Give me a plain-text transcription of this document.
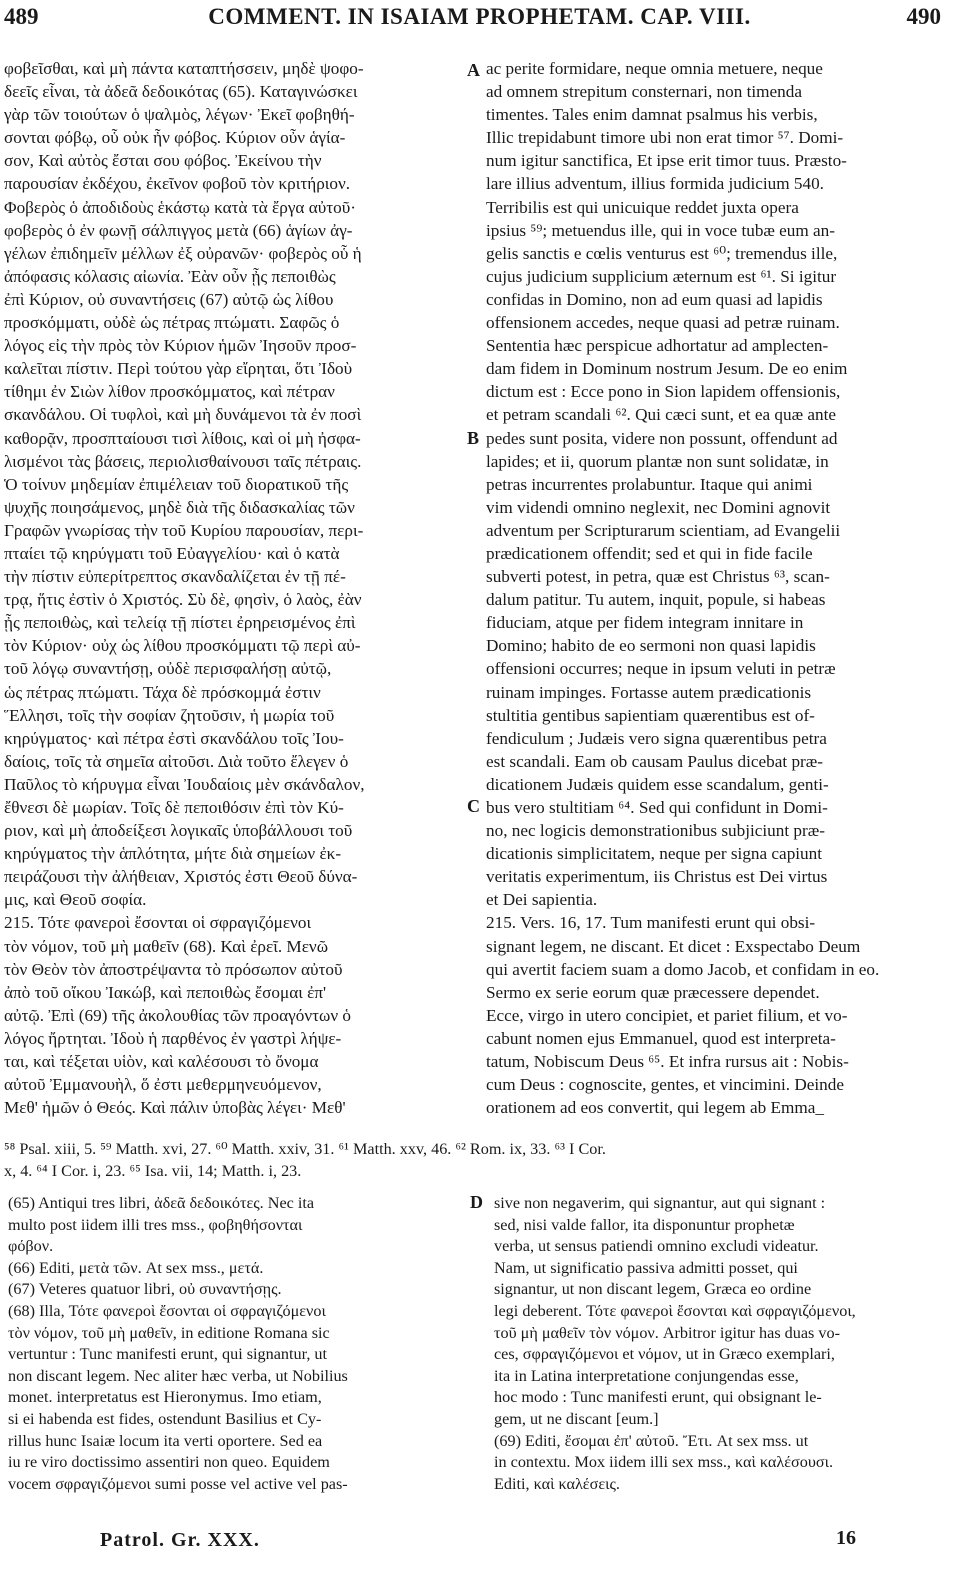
489	COMMENT. IN ISAIAM PROPHETAM. CAP. VIII.	490
φοβεῖσθαι, καὶ μὴ πάντα καταπτήσσειν, μηδὲ ψοφο-
δεεῖς εἶναι, τὰ ἀδεᾶ δεδοικότας (65). Καταγινώσκει
γὰρ τῶν τοιούτων ὁ ψαλμὸς, λέγων· Ἐκεῖ φοβηθή-
σονται φόβῳ, οὗ οὐκ ἦν φόβος. Κύριον οὖν ἁγία-
σον, Καὶ αὐτὸς ἔσται σου φόβος. Ἐκείνου τὴν
παρουσίαν ἐκδέχου, ἐκεῖνον φοβοῦ τὸν κριτήριον.
Φοβερὸς ὁ ἀποδιδοὺς ἑκάστῳ κατὰ τὰ ἔργα αὐτοῦ·
φοβερὸς ὁ ἐν φωνῇ σάλπιγγος μετὰ (66) ἁγίων ἀγ-
γέλων ἐπιδημεῖν μέλλων ἐξ οὐρανῶν· φοβερὸς οὗ ἡ
ἀπόφασις κόλασις αἰωνία. Ἐὰν οὖν ᾖς πεποιθὼς
ἐπὶ Κύριον, οὐ συναντήσεις (67) αὐτῷ ὡς λίθου
προσκόμματι, οὐδὲ ὡς πέτρας πτώματι. Σαφῶς ὁ
λόγος εἰς τὴν πρὸς τὸν Κύριον ἡμῶν Ἰησοῦν προσ-
καλεῖται πίστιν. Περὶ τούτου γὰρ εἴρηται, ὅτι Ἰδοὺ
τίθημι ἐν Σιὼν λίθον προσκόμματος, καὶ πέτραν
σκανδάλου. Οἱ τυφλοὶ, καὶ μὴ δυνάμενοι τὰ ἐν ποσὶ
καθορᾷν, προσπταίουσι τισὶ λίθοις, καὶ οἱ μὴ ἠσφα-
λισμένοι τὰς βάσεις, περιολισθαίνουσι ταῖς πέτραις.
Ὁ τοίνυν μηδεμίαν ἐπιμέλειαν τοῦ διορατικοῦ τῆς
ψυχῆς ποιησάμενος, μηδὲ διὰ τῆς διδασκαλίας τῶν
Γραφῶν γνωρίσας τὴν τοῦ Κυρίου παρουσίαν, περι-
πταίει τῷ κηρύγματι τοῦ Εὐαγγελίου· καὶ ὁ κατὰ
τὴν πίστιν εὐπερίτρεπτος σκανδαλίζεται ἐν τῇ πέ-
τρᾳ, ἥτις ἐστὶν ὁ Χριστός. Σὺ δὲ, φησὶν, ὁ λαὸς, ἐὰν
ᾖς πεποιθὼς, καὶ τελείᾳ τῇ πίστει ἐρηρεισμένος ἐπὶ
τὸν Κύριον· οὐχ ὡς λίθου προσκόμματι τῷ περὶ αὐ-
τοῦ λόγῳ συναντήσῃ, οὐδὲ περισφαλήσῃ αὐτῷ,
ὡς πέτρας πτώματι. Τάχα δὲ πρόσκομμά ἐστιν
Ἕλλησι, τοῖς τὴν σοφίαν ζητοῦσιν, ἡ μωρία τοῦ
κηρύγματος· καὶ πέτρα ἐστὶ σκανδάλου τοῖς Ἰου-
δαίοις, τοῖς τὰ σημεῖα αἰτοῦσι. Διὰ τοῦτο ἔλεγεν ὁ
Παῦλος τὸ κήρυγμα εἶναι Ἰουδαίοις μὲν σκάνδαλον,
ἔθνεσι δὲ μωρίαν. Τοῖς δὲ πεποιθόσιν ἐπὶ τὸν Κύ-
ριον, καὶ μὴ ἀποδείξεσι λογικαῖς ὑποβάλλουσι τοῦ
κηρύγματος τὴν ἁπλότητα, μήτε διὰ σημείων ἐκ-
πειράζουσι τὴν ἀλήθειαν, Χριστός ἐστι Θεοῦ δύνα-
μις, καὶ Θεοῦ σοφία.
215. Τότε φανεροὶ ἔσονται οἱ σφραγιζόμενοι
τὸν νόμον, τοῦ μὴ μαθεῖν (68). Καὶ ἐρεῖ. Μενῶ
τὸν Θεὸν τὸν ἀποστρέψαντα τὸ πρόσωπον αὐτοῦ
ἀπὸ τοῦ οἴκου Ἰακώβ, καὶ πεποιθὼς ἔσομαι ἐπ'
αὐτῷ. Ἐπὶ (69) τῆς ἀκολουθίας τῶν προαγόντων ὁ
λόγος ἤρτηται. Ἰδοὺ ἡ παρθένος ἐν γαστρὶ λήψε-
ται, καὶ τέξεται υἱὸν, καὶ καλέσουσι τὸ ὄνομα
αὐτοῦ Ἐμμανουὴλ, ὅ ἐστι μεθερμηνευόμενον,
Μεθ' ἡμῶν ὁ Θεός. Καὶ πάλιν ὑποβὰς λέγει· Μεθ'
ac perite formidare, neque omnia metuere, neque
ad omnem strepitum consternari, non timenda
timentes. Tales enim damnat psalmus his verbis,
Illic trepidabunt timore ubi non erat timor ⁵⁷. Domi-
num igitur sanctifica, Et ipse erit timor tuus. Præsto-
lare illius adventum, illius formida judicium 540.
Terribilis est qui unicuique reddet juxta opera
ipsius ⁵⁹; metuendus ille, qui in voce tubæ eum an-
gelis sanctis e cœlis venturus est ⁶⁰; tremendus ille,
cujus judicium supplicium æternum est ⁶¹. Si igitur
confidas in Domino, non ad eum quasi ad lapidis
offensionem accedes, neque quasi ad petræ ruinam.
Sententia hæc perspicue adhortatur ad amplecten-
dam fidem in Dominum nostrum Jesum. De eo enim
dictum est : Ecce pono in Sion lapidem offensionis,
et petram scandali ⁶². Qui cæci sunt, et ea quæ ante
pedes sunt posita, videre non possunt, offendunt ad
lapides; et ii, quorum plantæ non sunt solidatæ, in
petras incurrentes prolabuntur. Itaque qui animi
vim videndi omnino neglexit, nec Domini agnovit
adventum per Scripturarum scientiam, ad Evangelii
prædicationem offendit; sed et qui in fide facile
subverti potest, in petra, quæ est Christus ⁶³, scan-
dalum patitur. Tu autem, inquit, popule, si habeas
fiduciam, atque per fidem integram innitare in
Domino; habito de eo sermoni non quasi lapidis
offensioni occurres; neque in ipsum veluti in petræ
ruinam impinges. Fortasse autem prædicationis
stultitia gentibus sapientiam quærentibus est of-
fendiculum ; Judæis vero signa quærentibus petra
est scandali. Eam ob causam Paulus dicebat præ-
dicationem Judæis quidem esse scandalum, genti-
bus vero stultitiam ⁶⁴. Sed qui confidunt in Domi-
no, nec logicis demonstrationibus subjiciunt præ-
dicationis simplicitatem, neque per signa capiunt
veritatis experimentum, iis Christus est Dei virtus
et Dei sapientia.
215. Vers. 16, 17. Tum manifesti erunt qui obsi-
signant legem, ne discant. Et dicet : Exspectabo Deum
qui avertit faciem suam a domo Jacob, et confidam in eo.
Sermo ex serie eorum quæ præcessere dependet.
Ecce, virgo in utero concipiet, et pariet filium, et vo-
cabunt nomen ejus Emmanuel, quod est interpreta-
tatum, Nobiscum Deus ⁶⁵. Et infra rursus ait : Nobis-
cum Deus : cognoscite, gentes, et vincimini. Deinde
orationem ad eos convertit, qui legem ab Emma_
A
B
C
D
⁵⁸ Psal. xiii, 5. ⁵⁹ Matth. xvi, 27. ⁶⁰ Matth. xxiv, 31. ⁶¹ Matth. xxv, 46. ⁶² Rom. ix, 33. ⁶³ I Cor.
x, 4. ⁶⁴ I Cor. i, 23. ⁶⁵ Isa. vii, 14; Matth. i, 23.
(65) Antiqui tres libri, ἀδεᾶ δεδοικότες. Nec ita
multo post iidem illi tres mss., φοβηθήσονται
φόβον.
(66) Editi, μετὰ τῶν. At sex mss., μετά.
(67) Veteres quatuor libri, οὐ συναντήσῃς.
(68) Illa, Τότε φανεροὶ ἔσονται οἱ σφραγιζόμενοι
τὸν νόμον, τοῦ μὴ μαθεῖν, in editione Romana sic
vertuntur : Tunc manifesti erunt, qui signantur, ut
non discant legem. Nec aliter hæc verba, ut Nobilius
monet. interpretatus est Hieronymus. Imo etiam,
si ei habenda est fides, ostendunt Basilius et Cy-
rillus hunc Isaiæ locum ita verti oportere. Sed ea
iu re viro doctissimo assentiri non queo. Equidem
vocem σφραγιζόμενοι sumi posse vel active vel pas-
sive non negaverim, qui signantur, aut qui signant :
sed, nisi valde fallor, ita disponuntur prophetæ
verba, ut sensus patiendi omnino excludi videatur.
Nam, ut significatio passiva admitti posset, qui
signantur, ut non discant legem, Græca eo ordine
legi deberent. Τότε φανεροὶ ἔσονται καὶ σφραγιζόμενοι,
τοῦ μὴ μαθεῖν τὸν νόμον. Arbitror igitur has duas vo-
ces, σφραγιζόμενοι et νόμον, ut in Græco exemplari,
ita in Latina interpretatione conjungendas esse,
hoc modo : Tunc manifesti erunt, qui obsignant le-
gem, ut ne discant [eum.]
(69) Editi, ἔσομαι ἐπ' αὐτοῦ. Ἔτι. At sex mss. ut
in contextu. Mox iidem illi sex mss., καὶ καλέσουσι.
Editi, καὶ καλέσεις.
Patrol. Gr. XXX.	16
